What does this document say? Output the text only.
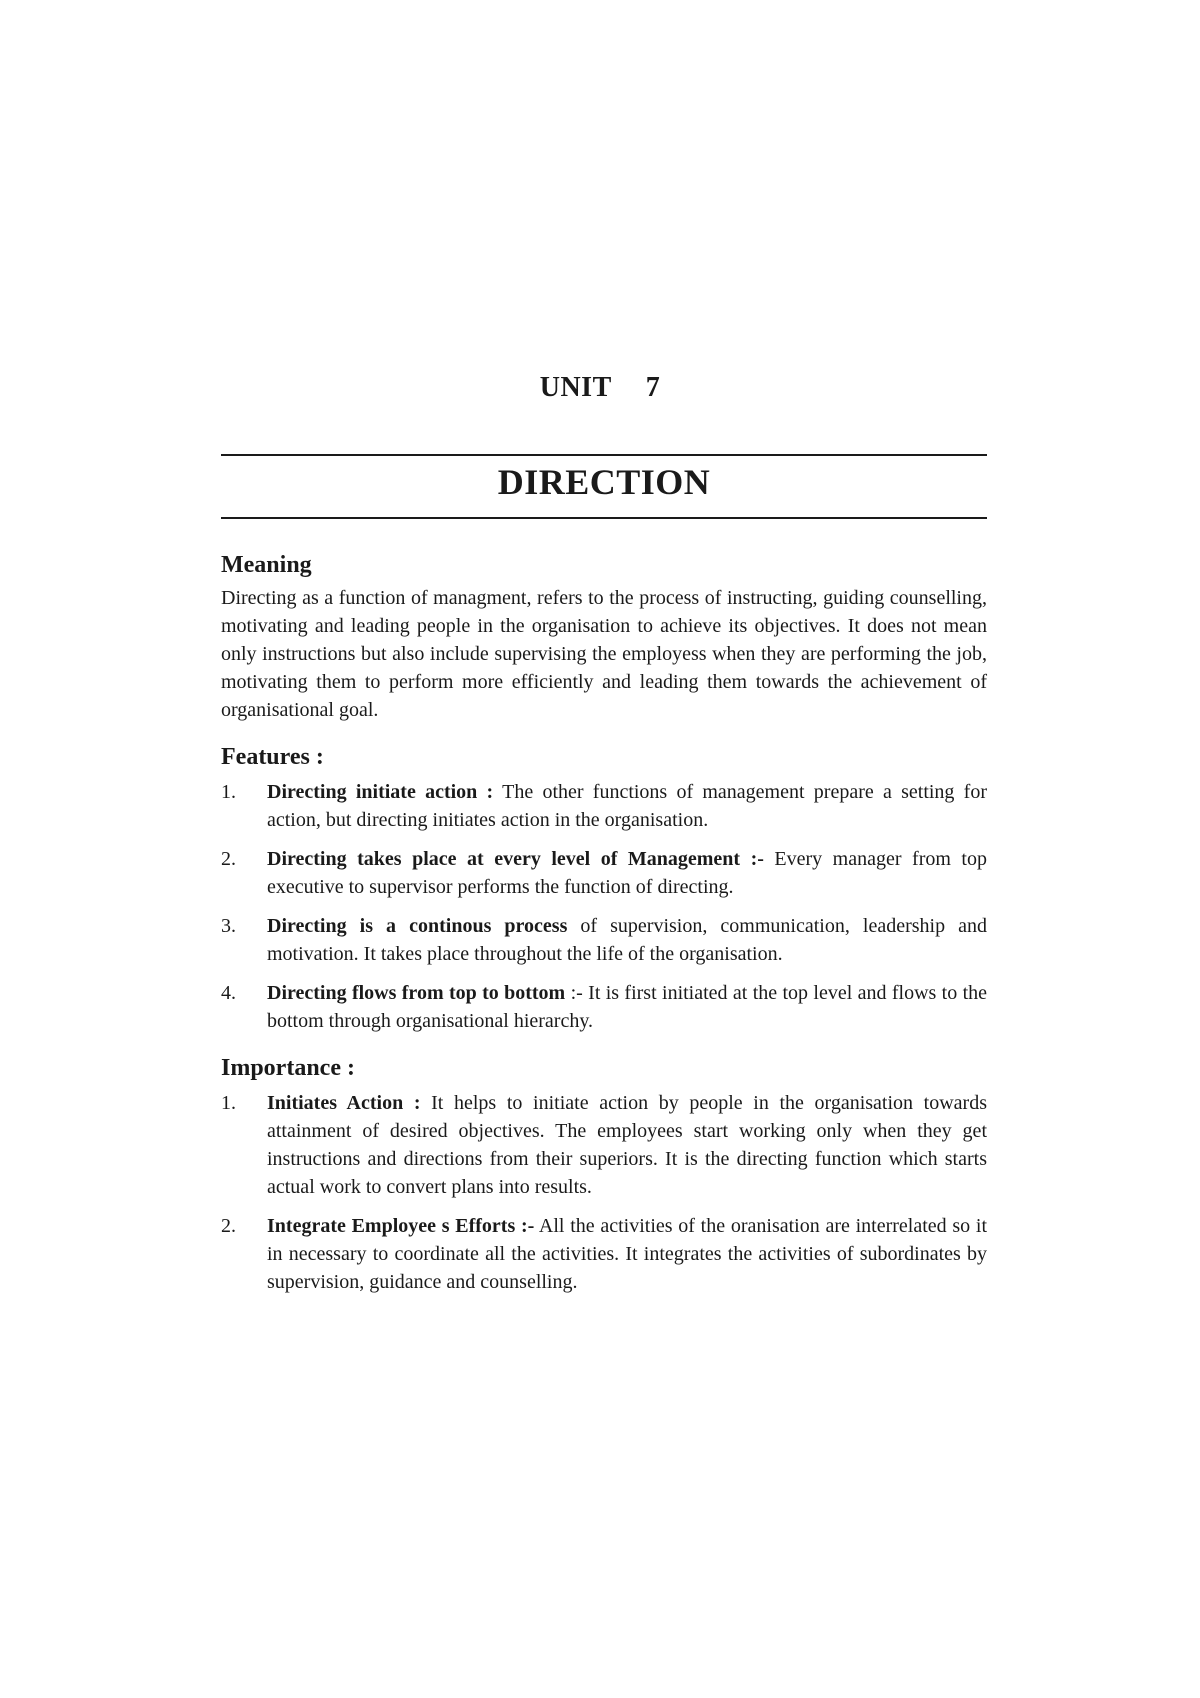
UNIT 7
DIRECTION
Meaning

Directing as a function of managment, refers to the process of instructing, guiding counselling, motivating and leading people in the organisation to achieve its objectives. It does not mean only instructions but also include supervising the employess when they are performing the job, motivating them to perform more efficiently and leading them towards the achievement of organisational goal.

Features :
1.	Directing initiate action : The other functions of management prepare a setting for action, but directing initiates action in the organisation.
2.	Directing takes place at every level of Management :- Every manager from top executive to supervisor performs the function of directing.
3.	Directing is a continous process of supervision, communication, leadership and motivation. It takes place throughout the life of the organisation.
4.	Directing flows from top to bottom :- It is first initiated at the top level and flows to the bottom through organisational hierarchy.
Importance :
1.	Initiates Action : It helps to initiate action by people in the organisation towards attainment of desired objectives. The employees start working only when they get instructions and directions from their superiors. It is the directing function which starts actual work to convert plans into results.
2.	Integrate Employee s Efforts :- All the activities of the oranisation are interrelated so it in necessary to coordinate all the activities. It integrates the activities of subordinates by supervision, guidance and counselling.
